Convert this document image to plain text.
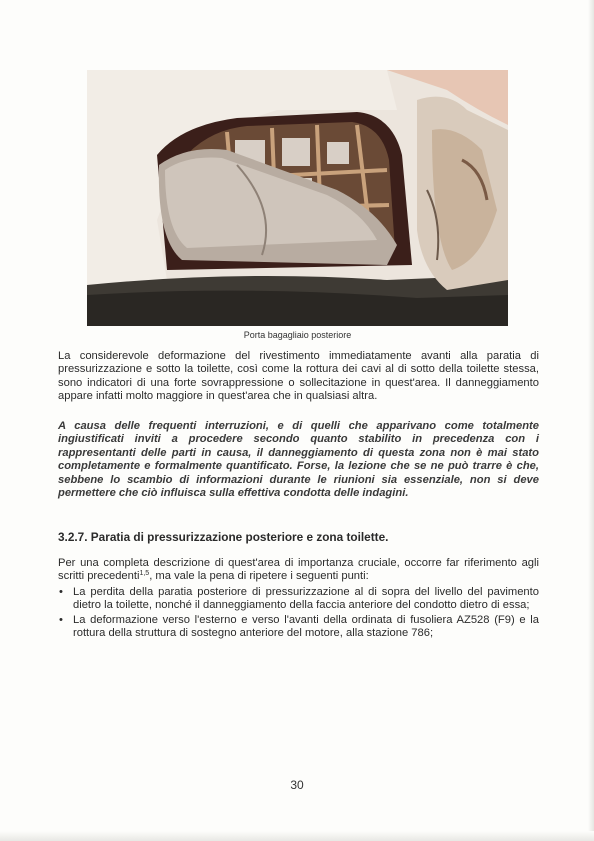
Porta bagagliaio posteriore

La considerevole deformazione del rivestimento immediatamente avanti alla paratia di pressurizzazione e sotto la toilette, così come la rottura dei cavi al di sotto della toilette stessa, sono indicatori di una forte sovrappressione o sollecitazione in quest'area. Il danneggiamento appare infatti molto maggiore in quest'area che in qualsiasi altra.

A causa delle frequenti interruzioni, e di quelli che apparivano come totalmente ingiustificati inviti a procedere secondo quanto stabilito in precedenza con i rappresentanti delle parti in causa, il danneggiamento di questa zona non è mai stato completamente e formalmente quantificato. Forse, la lezione che se ne può trarre è che, sebbene lo scambio di informazioni durante le riunioni sia essenziale, non si deve permettere che ciò influisca sulla effettiva condotta delle indagini.

3.2.7. Paratia di pressurizzazione posteriore e zona toilette.

Per una completa descrizione di quest'area di importanza cruciale, occorre far riferimento agli scritti precedenti$^{1,5}$, ma vale la pena di ripetere i seguenti punti:

• La perdita della paratia posteriore di pressurizzazione al di sopra del livello del pavimento dietro la toilette, nonché il danneggiamento della faccia anteriore del condotto dietro di essa;
• La deformazione verso l'esterno e verso l'avanti della ordinata di fusoliera AZ528 (F9) e la rottura della struttura di sostegno anteriore del motore, alla stazione 786;
30
